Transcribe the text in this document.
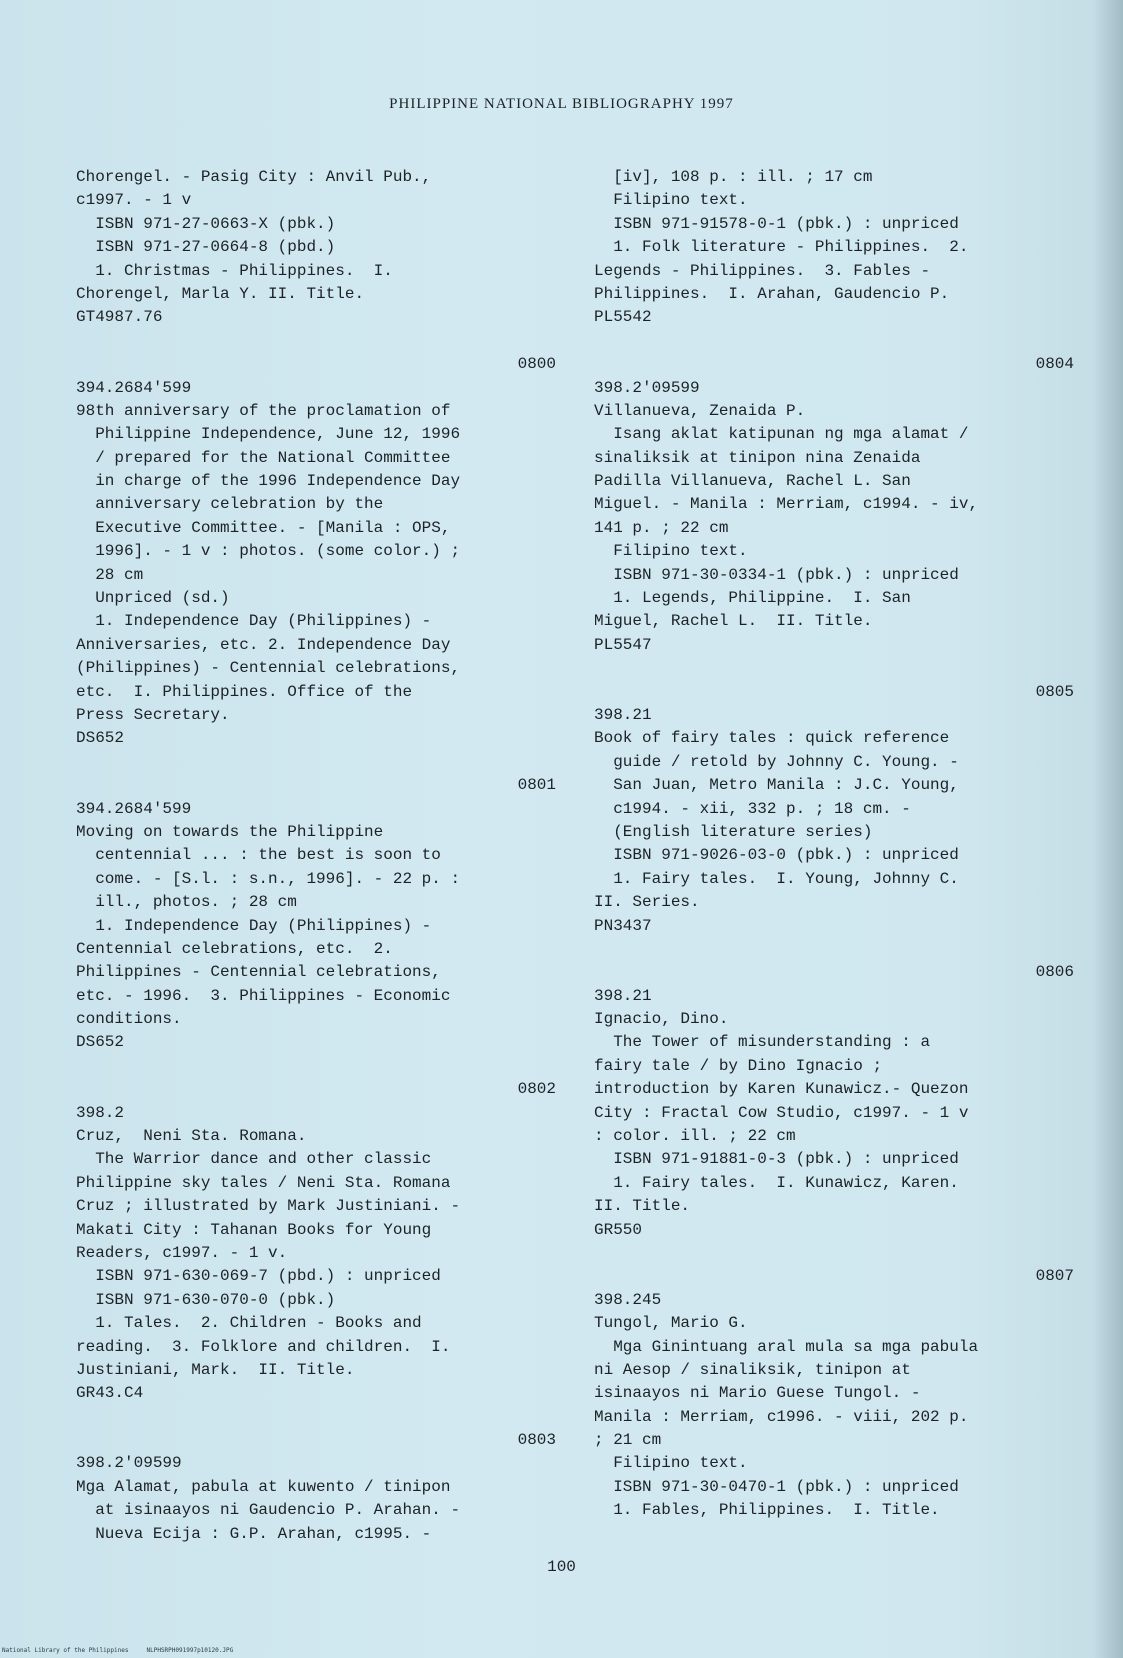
PHILIPPINE NATIONAL BIBLIOGRAPHY 1997
Chorengel. - Pasig City : Anvil Pub.,
c1997. - 1 v
ISBN 971-27-0663-X (pbk.)
ISBN 971-27-0664-8 (pbd.)
1. Christmas - Philippines.  I.
Chorengel, Marla Y. II. Title.
GT4987.76
0800
394.2684'599
98th anniversary of the proclamation of
Philippine Independence, June 12, 1996
/ prepared for the National Committee
in charge of the 1996 Independence Day
anniversary celebration by the
Executive Committee. - [Manila : OPS,
1996]. - 1 v : photos. (some color.) ;
28 cm
Unpriced (sd.)
1. Independence Day (Philippines) -
Anniversaries, etc. 2. Independence Day
(Philippines) - Centennial celebrations,
etc.  I. Philippines. Office of the
Press Secretary.
DS652
0801
394.2684'599
Moving on towards the Philippine
centennial ... : the best is soon to
come. - [S.l. : s.n., 1996]. - 22 p. :
ill., photos. ; 28 cm
1. Independence Day (Philippines) -
Centennial celebrations, etc.  2.
Philippines - Centennial celebrations,
etc. - 1996.  3. Philippines - Economic
conditions.
DS652
0802
398.2
Cruz,  Neni Sta. Romana.
The Warrior dance and other classic
Philippine sky tales / Neni Sta. Romana
Cruz ; illustrated by Mark Justiniani. -
Makati City : Tahanan Books for Young
Readers, c1997. - 1 v.
ISBN 971-630-069-7 (pbd.) : unpriced
ISBN 971-630-070-0 (pbk.)
1. Tales.  2. Children - Books and
reading.  3. Folklore and children.  I.
Justiniani, Mark.  II. Title.
GR43.C4
0803
398.2'09599
Mga Alamat, pabula at kuwento / tinipon
at isinaayos ni Gaudencio P. Arahan. -
Nueva Ecija : G.P. Arahan, c1995. -
[iv], 108 p. : ill. ; 17 cm
Filipino text.
ISBN 971-91578-0-1 (pbk.) : unpriced
1. Folk literature - Philippines.  2.
Legends - Philippines.  3. Fables -
Philippines.  I. Arahan, Gaudencio P.
PL5542
0804
398.2'09599
Villanueva, Zenaida P.
Isang aklat katipunan ng mga alamat /
sinaliksik at tinipon nina Zenaida
Padilla Villanueva, Rachel L. San
Miguel. - Manila : Merriam, c1994. - iv,
141 p. ; 22 cm
Filipino text.
ISBN 971-30-0334-1 (pbk.) : unpriced
1. Legends, Philippine.  I. San
Miguel, Rachel L.  II. Title.
PL5547
0805
398.21
Book of fairy tales : quick reference
guide / retold by Johnny C. Young. -
San Juan, Metro Manila : J.C. Young,
c1994. - xii, 332 p. ; 18 cm. -
(English literature series)
ISBN 971-9026-03-0 (pbk.) : unpriced
1. Fairy tales.  I. Young, Johnny C.
II. Series.
PN3437
0806
398.21
Ignacio, Dino.
The Tower of misunderstanding : a
fairy tale / by Dino Ignacio ;
introduction by Karen Kunawicz.- Quezon
City : Fractal Cow Studio, c1997. - 1 v
: color. ill. ; 22 cm
ISBN 971-91881-0-3 (pbk.) : unpriced
1. Fairy tales.  I. Kunawicz, Karen.
II. Title.
GR550
0807
398.245
Tungol, Mario G.
Mga Ginintuang aral mula sa mga pabula
ni Aesop / sinaliksik, tinipon at
isinaayos ni Mario Guese Tungol. -
Manila : Merriam, c1996. - viii, 202 p.
; 21 cm
Filipino text.
ISBN 971-30-0470-1 (pbk.) : unpriced
1. Fables, Philippines.  I. Title.
100
National Library of the Philippines     NLPHSRPH091997p10120.JPG
